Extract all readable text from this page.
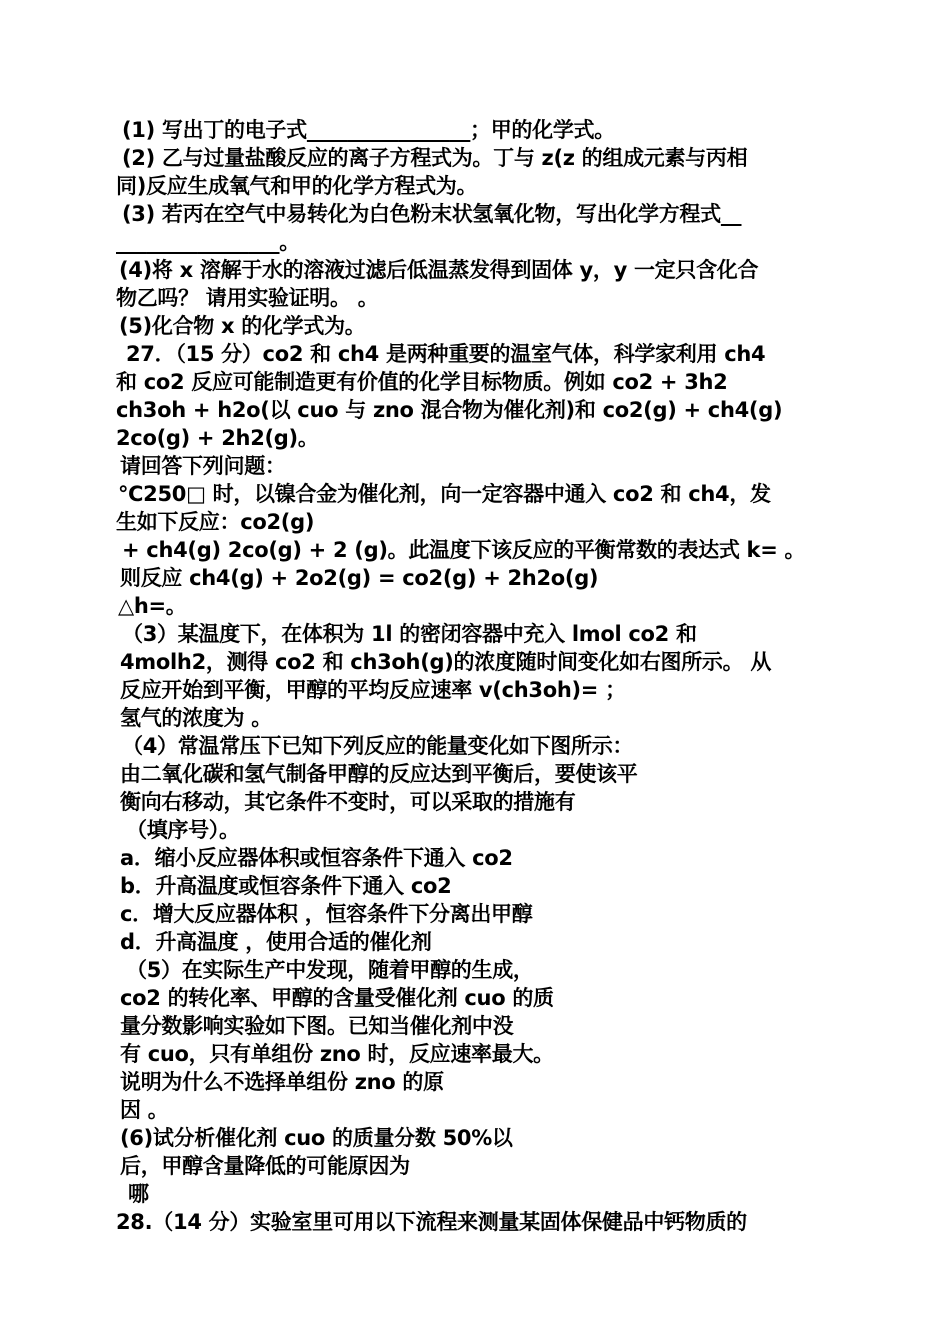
(1) 写出丁的电子式________________；甲的化学式。
(2) 乙与过量盐酸反应的离子方程式为。丁与 z(z 的组成元素与丙相
同)反应生成氧气和甲的化学方程式为。
(3) 若丙在空气中易转化为白色粉末状氢氧化物，写出化学方程式__
________________。
(4)将 x 溶解于水的溶液过滤后低温蒸发得到固体 y，y 一定只含化合
物乙吗？ 请用实验证明。 。
(5)化合物 x 的化学式为。
27．（15 分）co2 和 ch4 是两种重要的温室气体，科学家利用 ch4
和 co2 反应可能制造更有价值的化学目标物质。例如 co2 + 3h2
ch3oh + h2o(以 cuo 与 zno 混合物为催化剂)和 co2(g) + ch4(g)
2co(g) + 2h2(g)。
请回答下列问题：
℃250□ 时，以镍合金为催化剂，向一定容器中通入 co2 和 ch4，发
生如下反应：co2(g)
+ ch4(g) 2co(g) + 2 (g)。此温度下该反应的平衡常数的表达式 k= 。
则反应 ch4(g) + 2o2(g) = co2(g) + 2h2o(g)
△h=。
（3）某温度下，在体积为 1l 的密闭容器中充入 lmol co2 和
4molh2，测得 co2 和 ch3oh(g)的浓度随时间变化如右图所示。 从
反应开始到平衡，甲醇的平均反应速率 v(ch3oh)= ；
氢气的浓度为 。
（4）常温常压下已知下列反应的能量变化如下图所示：
由二氧化碳和氢气制备甲醇的反应达到平衡后，要使该平
衡向右移动，其它条件不变时，可以采取的措施有
（填序号）。
a．缩小反应器体积或恒容条件下通入 co2
b．升高温度或恒容条件下通入 co2
c．增大反应器体积 ，恒容条件下分离出甲醇
d．升高温度 ，使用合适的催化剂
（5）在实际生产中发现，随着甲醇的生成，
co2 的转化率、甲醇的含量受催化剂 cuo 的质
量分数影响实验如下图。已知当催化剂中没
有 cuo，只有单组份 zno 时，反应速率最大。
说明为什么不选择单组份 zno 的原
因 。
(6)试分析催化剂 cuo 的质量分数 50%以
后，甲醇含量降低的可能原因为
哪
28.（14 分）实验室里可用以下流程来测量某固体保健品中钙物质的
